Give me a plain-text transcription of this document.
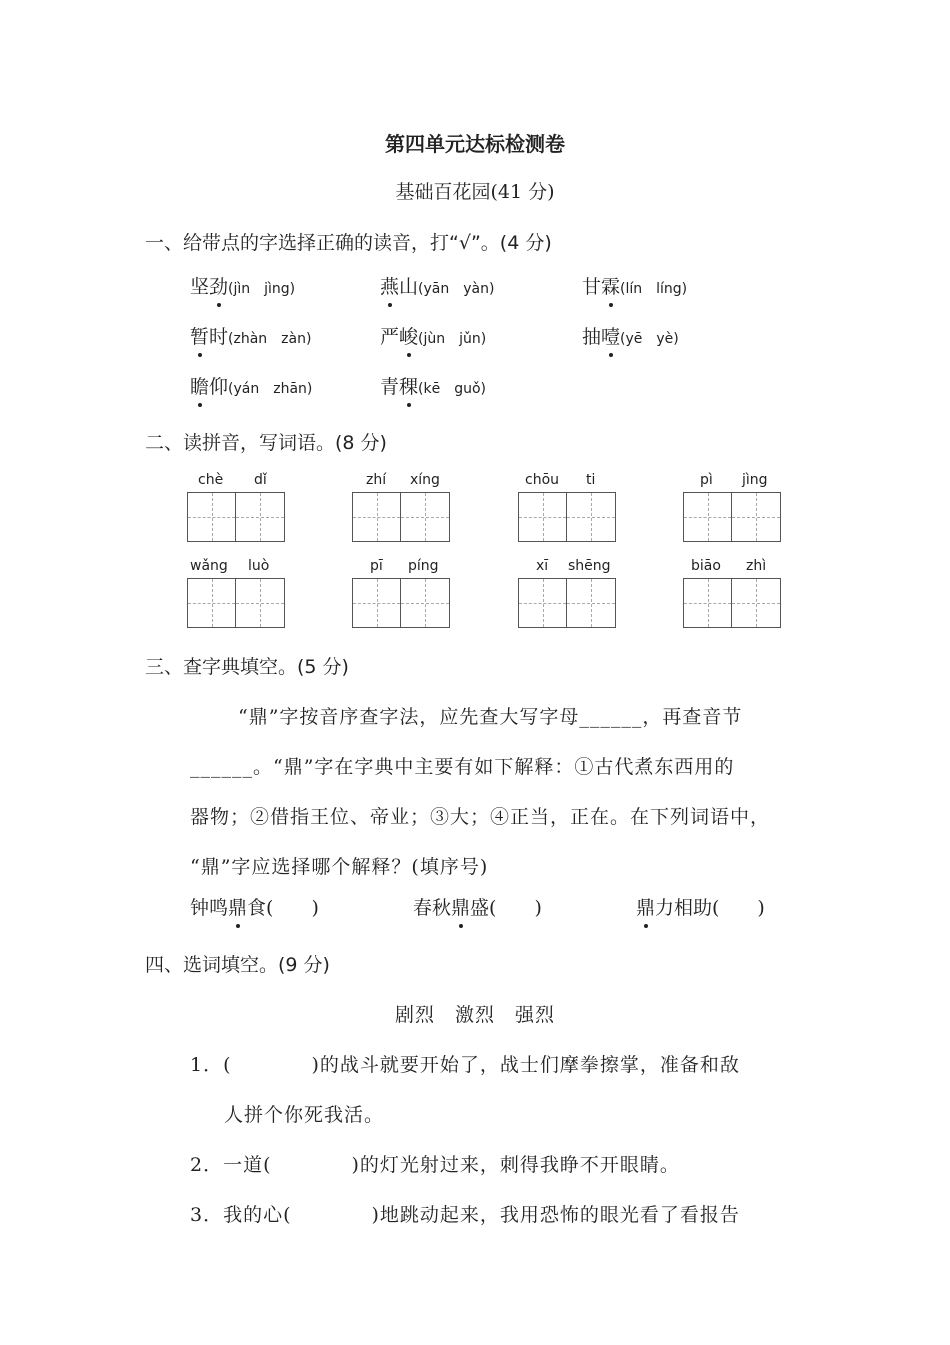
第四单元达标检测卷
基础百花园(41 分)
一、给带点的字选择正确的读音，打“√”。(4 分)
坚劲(jìn　jìng)	燕山(yān　yàn)	甘霖(lín　líng)
暂时(zhàn　zàn)	严峻(jùn　jǔn)	抽噎(yē　yè)
瞻仰(yán　zhān)	青稞(kē　guǒ)
二、读拼音，写词语。(8 分)
chè dǐ	zhí xíng	chōu ti	pì jìng
wǎng luò	pī píng	xī shēng	biāo zhì
三、查字典填空。(5 分)
“鼎”字按音序查字法，应先查大写字母______，再查音节
______。“鼎”字在字典中主要有如下解释：①古代煮东西用的
器物；②借指王位、帝业；③大；④正当，正在。在下列词语中，
“鼎”字应选择哪个解释？(填序号)
钟鸣鼎食(　　)	春秋鼎盛(　　)	鼎力相助(　　)
四、选词填空。(9 分)
剧烈　激烈　强烈
1．(　　　　)的战斗就要开始了，战士们摩拳擦掌，准备和敌
人拼个你死我活。
2．一道(　　　　)的灯光射过来，刺得我睁不开眼睛。
3．我的心(　　　　)地跳动起来，我用恐怖的眼光看了看报告
